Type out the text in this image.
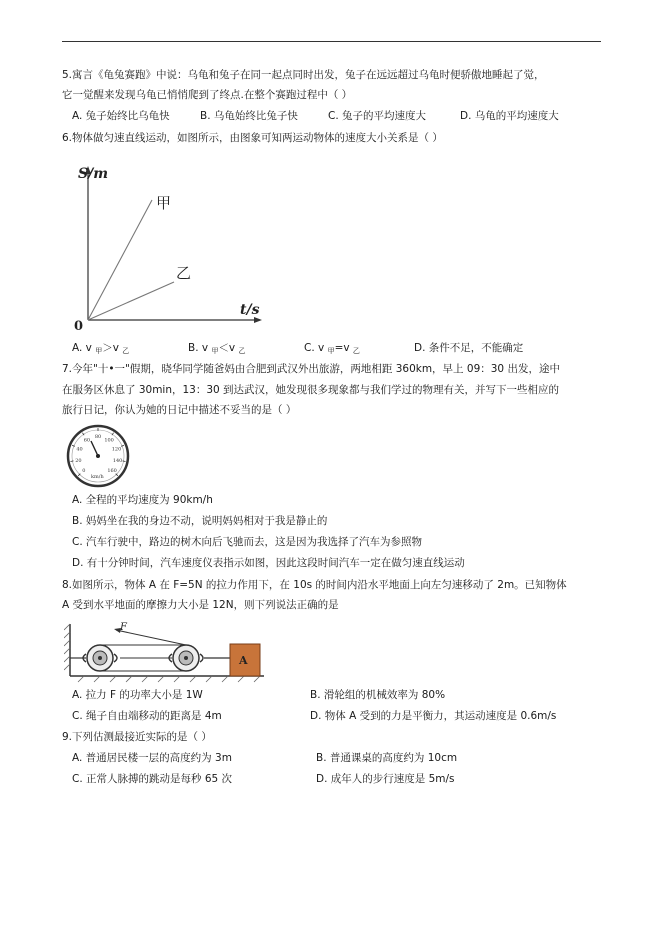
5.寓言《龟兔赛跑》中说：乌龟和兔子在同一起点同时出发，兔子在远远超过乌龟时便骄傲地睡起了觉，
它一觉醒来发现乌龟已悄悄爬到了终点.在整个赛跑过程中（ ）
A. 兔子始终比乌龟快	B. 乌龟始终比兔子快	C. 兔子的平均速度大	D. 乌龟的平均速度大
6.物体做匀速直线运动，如图所示，由图象可知两运动物体的速度大小关系是（ ）
S/m
t/s
0
甲
乙
A. v $_甲$＞v $_乙$	B. v $_甲$＜v $_乙$	C. v $_甲$=v $_乙$	D. 条件不足，不能确定
7.今年"十•一"假期，晓华同学随爸妈由合肥到武汉外出旅游，两地相距 360km，早上 09：30 出发，途中
在服务区休息了 30min，13：30 到达武汉，她发现很多现象都与我们学过的物理有关，并写下一些相应的
旅行日记，你认为她的日记中描述不妥当的是（ ）
0
20
40
60
80
100
120
140
160
km/h
A. 全程的平均速度为 90km/h
B. 妈妈坐在我的身边不动，说明妈妈相对于我是静止的
C. 汽车行驶中，路边的树木向后飞驰而去，这是因为我选择了汽车为参照物
D. 有十分钟时间，汽车速度仪表指示如图，因此这段时间汽车一定在做匀速直线运动
8.如图所示，物体 A 在 F=5N 的拉力作用下，在 10s 的时间内沿水平地面上向左匀速移动了 2m。已知物体
A 受到水平地面的摩擦力大小是 12N，则下列说法正确的是
F
A
A. 拉力 F 的功率大小是 1W	B. 滑轮组的机械效率为 80%
C. 绳子自由端移动的距离是 4m	D. 物体 A 受到的力是平衡力，其运动速度是 0.6m/s
9.下列估测最接近实际的是（ ）
A. 普通居民楼一层的高度约为 3m	B. 普通课桌的高度约为 10cm
C. 正常人脉搏的跳动是每秒 65 次	D. 成年人的步行速度是 5m/s
